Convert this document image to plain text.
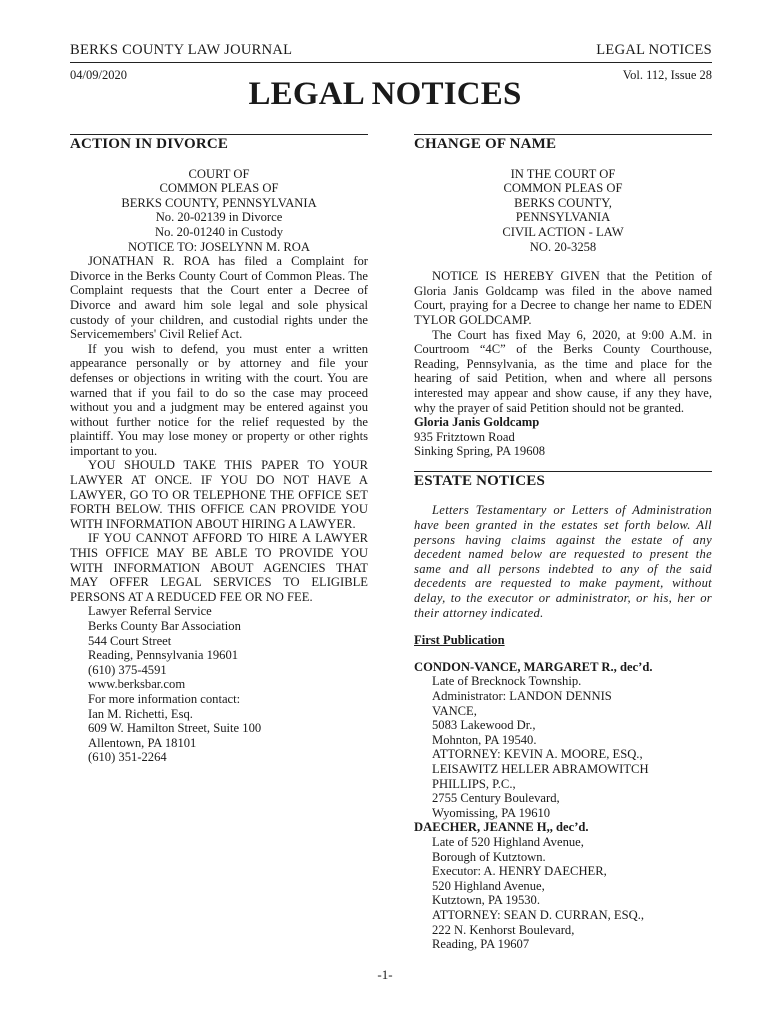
BERKS COUNTY LAW JOURNAL	LEGAL NOTICES
04/09/2020	Vol. 112, Issue 28
LEGAL NOTICES
ACTION IN DIVORCE
COURT OF
COMMON PLEAS OF
BERKS COUNTY, PENNSYLVANIA
No. 20-02139 in Divorce
No. 20-01240 in Custody
NOTICE TO: JOSELYNN M. ROA

JONATHAN R. ROA has filed a Complaint for Divorce in the Berks County Court of Common Pleas. The Complaint requests that the Court enter a Decree of Divorce and award him sole legal and sole physical custody of your children, and custodial rights under the Servicemembers' Civil Relief Act.

If you wish to defend, you must enter a written appearance personally or by attorney and file your defenses or objections in writing with the court. You are warned that if you fail to do so the case may proceed without you and a judgment may be entered against you without further notice for the relief requested by the plaintiff. You may lose money or property or other rights important to you.

YOU SHOULD TAKE THIS PAPER TO YOUR LAWYER AT ONCE. IF YOU DO NOT HAVE A LAWYER, GO TO OR TELEPHONE THE OFFICE SET FORTH BELOW. THIS OFFICE CAN PROVIDE YOU WITH INFORMATION ABOUT HIRING A LAWYER.

IF YOU CANNOT AFFORD TO HIRE A LAWYER THIS OFFICE MAY BE ABLE TO PROVIDE YOU WITH INFORMATION ABOUT AGENCIES THAT MAY OFFER LEGAL SERVICES TO ELIGIBLE PERSONS AT A REDUCED FEE OR NO FEE.

Lawyer Referral Service
Berks County Bar Association
544 Court Street
Reading, Pennsylvania 19601
(610) 375-4591
www.berksbar.com
For more information contact:
Ian M. Richetti, Esq.
609 W. Hamilton Street, Suite 100
Allentown, PA 18101
(610) 351-2264
CHANGE OF NAME
IN THE COURT OF
COMMON PLEAS OF
BERKS COUNTY,
PENNSYLVANIA
CIVIL ACTION - LAW
NO. 20-3258

NOTICE IS HEREBY GIVEN that the Petition of Gloria Janis Goldcamp was filed in the above named Court, praying for a Decree to change her name to EDEN TYLOR GOLDCAMP.

The Court has fixed May 6, 2020, at 9:00 A.M. in Courtroom “4C” of the Berks County Courthouse, Reading, Pennsylvania, as the time and place for the hearing of said Petition, when and where all persons interested may appear and show cause, if any they have, why the prayer of said Petition should not be granted.

Gloria Janis Goldcamp
935 Fritztown Road
Sinking Spring, PA 19608
ESTATE NOTICES

Letters Testamentary or Letters of Administration have been granted in the estates set forth below. All persons having claims against the estate of any decedent named below are requested to present the same and all persons indebted to any of the said decedents are requested to make payment, without delay, to the executor or administrator, or his, her or their attorney indicated.

First Publication
CONDON-VANCE, MARGARET R., dec’d.
Late of Brecknock Township.
Administrator: LANDON DENNIS
VANCE,
5083 Lakewood Dr.,
Mohnton, PA 19540.
ATTORNEY: KEVIN A. MOORE, ESQ.,
LEISAWITZ HELLER ABRAMOWITCH
PHILLIPS, P.C.,
2755 Century Boulevard,
Wyomissing, PA 19610
DAECHER, JEANNE H,, dec’d.
Late of 520 Highland Avenue,
Borough of Kutztown.
Executor: A. HENRY DAECHER,
520 Highland Avenue,
Kutztown, PA 19530.
ATTORNEY: SEAN D. CURRAN, ESQ.,
222 N. Kenhorst Boulevard,
Reading, PA 19607
-1-
